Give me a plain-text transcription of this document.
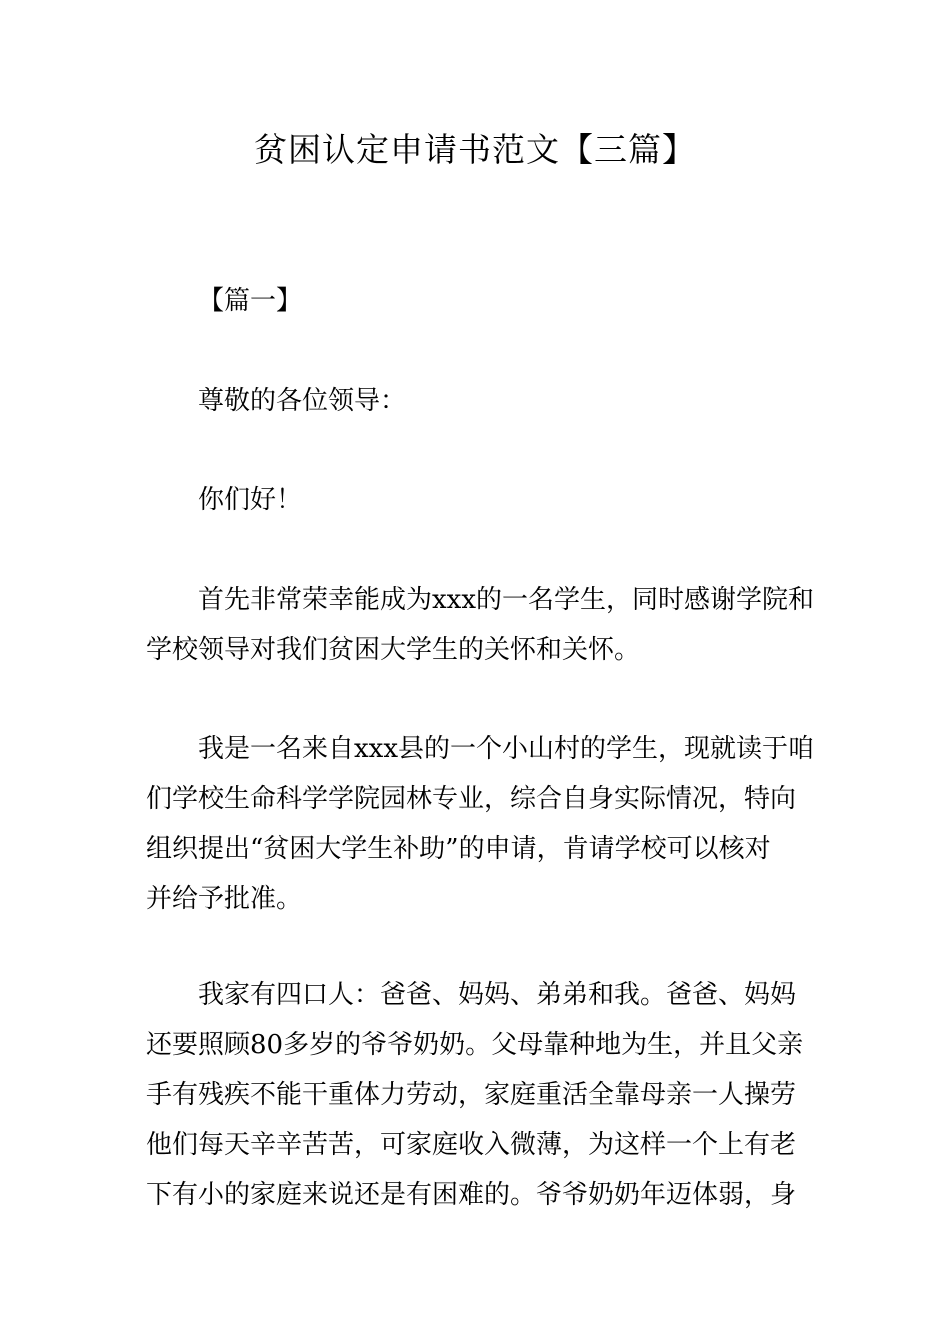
贫困认定申请书范文【三篇】
【篇一】
尊敬的各位领导：
你们好！
首先非常荣幸能成为xxx的一名学生，同时感谢学院和
学校领导对我们贫困大学生的关怀和关怀。
我是一名来自xxx县的一个小山村的学生，现就读于咱
们学校生命科学学院园林专业，综合自身实际情况，特向
组织提出“贫困大学生补助”的申请，肯请学校可以核对
并给予批准。
我家有四口人：爸爸、妈妈、弟弟和我。爸爸、妈妈
还要照顾80多岁的爷爷奶奶。父母靠种地为生，并且父亲
手有残疾不能干重体力劳动，家庭重活全靠母亲一人操劳
他们每天辛辛苦苦，可家庭收入微薄，为这样一个上有老
下有小的家庭来说还是有困难的。爷爷奶奶年迈体弱，身
